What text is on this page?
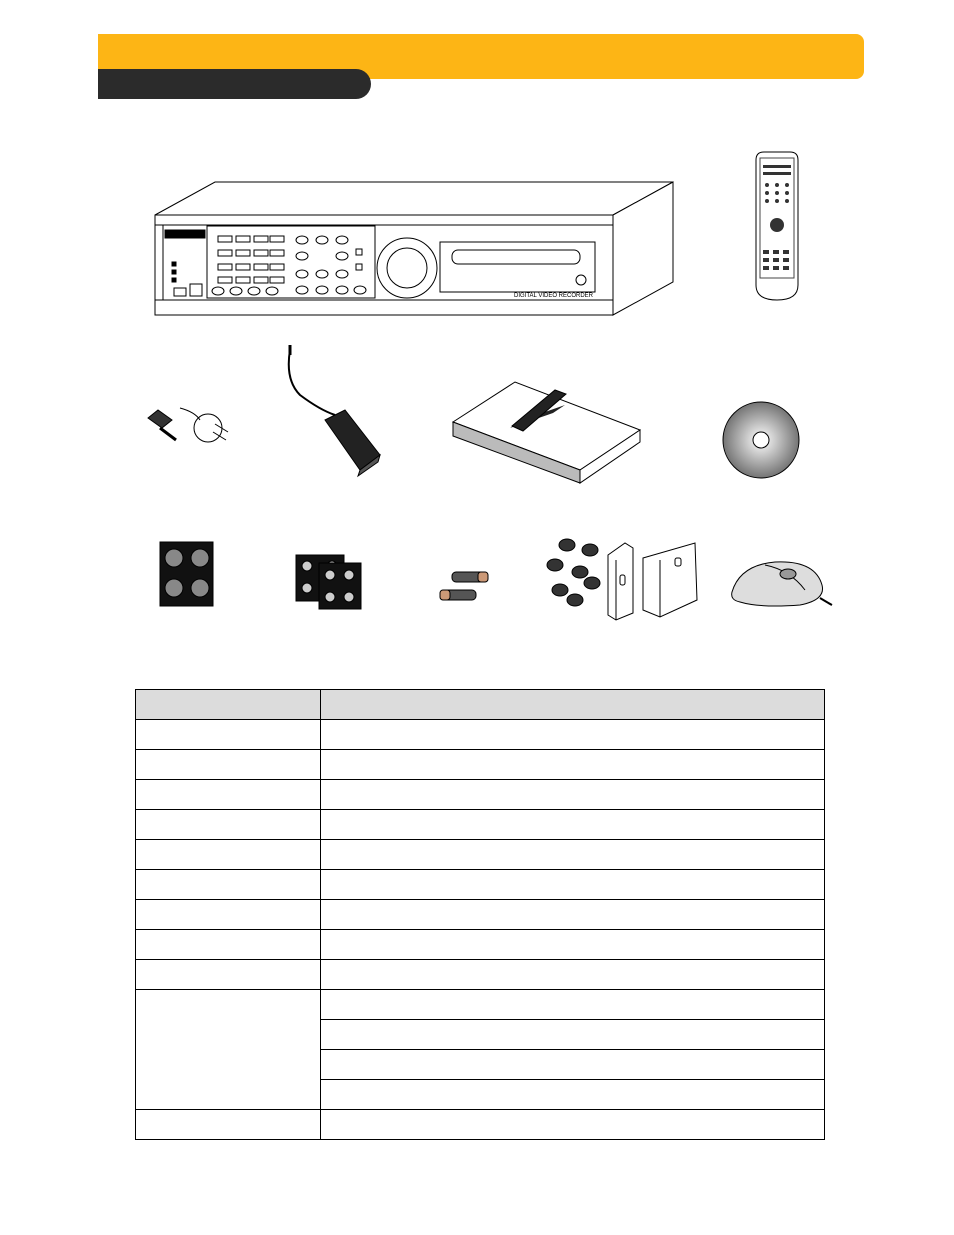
DIGITAL VIDEO RECORDER
